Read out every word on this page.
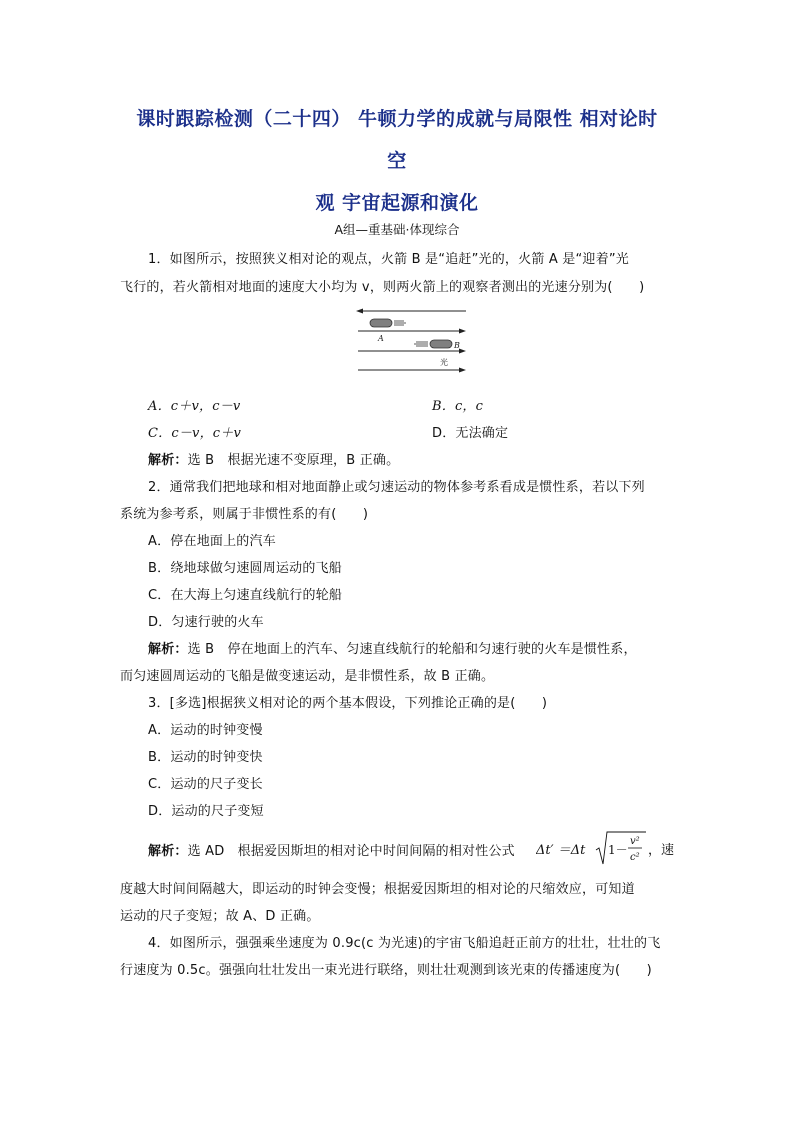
课时跟踪检测（二十四） 牛顿力学的成就与局限性 相对论时
空
观 宇宙起源和演化
A组—重基础·体现综合
1．如图所示，按照狭义相对论的观点，火箭 B 是“追赶”光的，火箭 A 是“迎着”光
飞行的，若火箭相对地面的速度大小均为 v，则两火箭上的观察者测出的光速分别为(　　)
A
B
光
A．c＋v，c－v	B．c，c
C．c－v，c＋v	D．无法确定
解析：选 B　根据光速不变原理，B 正确。
2．通常我们把地球和相对地面静止或匀速运动的物体参考系看成是惯性系，若以下列
系统为参考系，则属于非惯性系的有(　　)
A．停在地面上的汽车
B．绕地球做匀速圆周运动的飞船
C．在大海上匀速直线航行的轮船
D．匀速行驶的火车
解析：选 B　停在地面上的汽车、匀速直线航行的轮船和匀速行驶的火车是惯性系，
而匀速圆周运动的飞船是做变速运动，是非惯性系，故 B 正确。
3．[多选]根据狭义相对论的两个基本假设，下列推论正确的是(　　)
A．运动的时钟变慢
B．运动的时钟变快
C．运动的尺子变长
D．运动的尺子变短
解析：选 AD　根据爱因斯坦的相对论中时间间隔的相对性公式 Δt′ ＝Δt 1－
v²
c² ，速
度越大时间间隔越大，即运动的时钟会变慢；根据爱因斯坦的相对论的尺缩效应，可知道
运动的尺子变短；故 A、D 正确。
4．如图所示，强强乘坐速度为 0.9c(c 为光速)的宇宙飞船追赶正前方的壮壮，壮壮的飞
行速度为 0.5c。强强向壮壮发出一束光进行联络，则壮壮观测到该光束的传播速度为(　　)
